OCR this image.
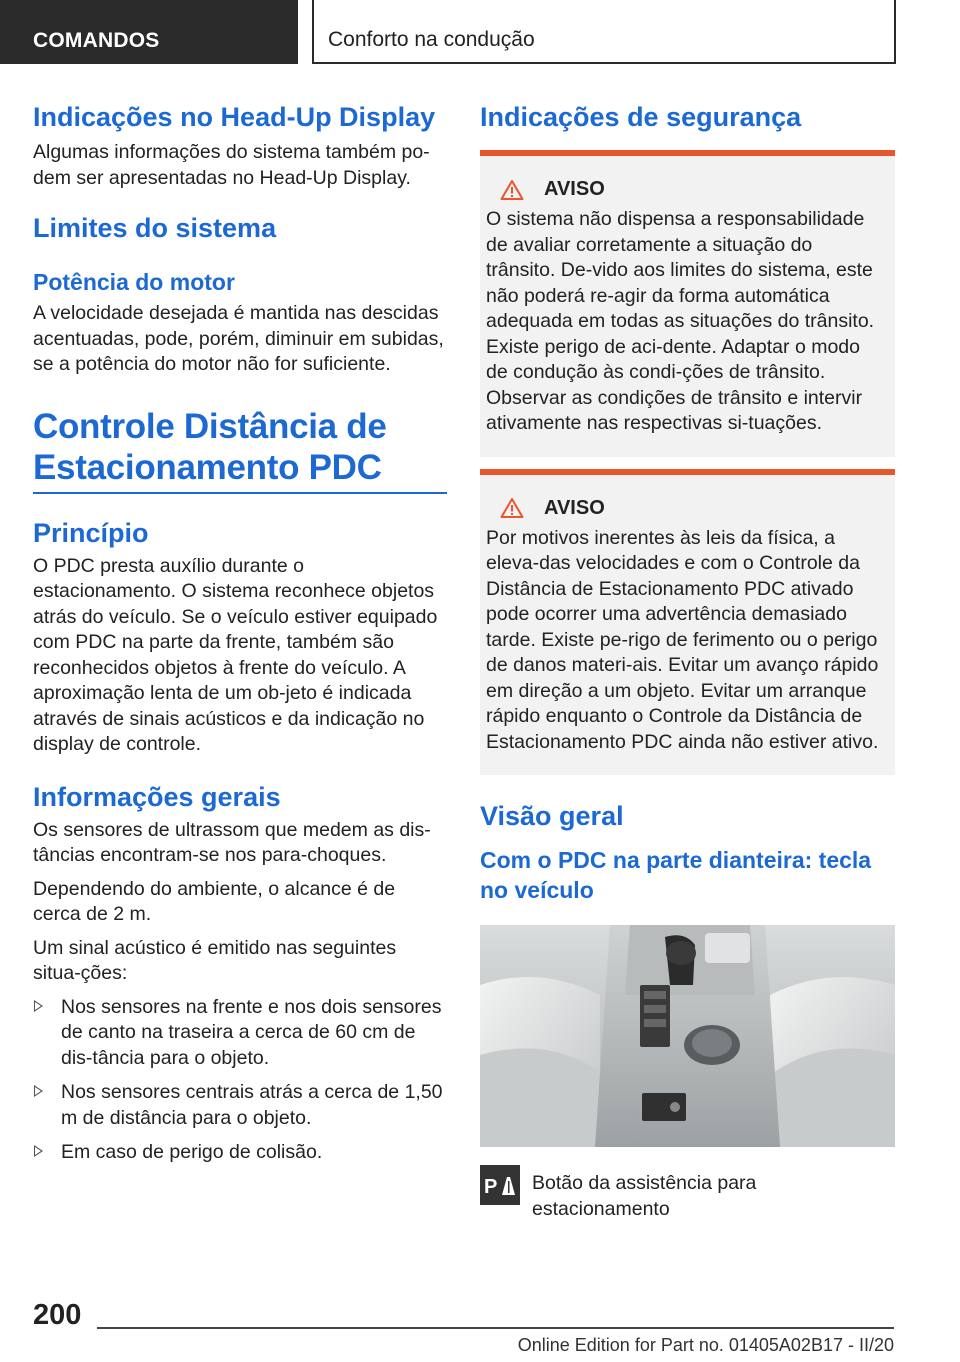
COMANDOS	Conforto na condução
Indicações no Head-Up Display

Algumas informações do sistema também po-dem ser apresentadas no Head-Up Display.

Limites do sistema
Potência do motor

A velocidade desejada é mantida nas descidas acentuadas, pode, porém, diminuir em subidas, se a potência do motor não for suficiente.

Controle Distância de Estacionamento PDC
Princípio

O PDC presta auxílio durante o estacionamento. O sistema reconhece objetos atrás do veículo. Se o veículo estiver equipado com PDC na parte da frente, também são reconhecidos objetos à frente do veículo. A aproximação lenta de um ob-jeto é indicada através de sinais acústicos e da indicação no display de controle.

Informações gerais

Os sensores de ultrassom que medem as dis-tâncias encontram-se nos para-choques.

Dependendo do ambiente, o alcance é de cerca de 2 m.

Um sinal acústico é emitido nas seguintes situa-ções:

Nos sensores na frente e nos dois sensores de canto na traseira a cerca de 60 cm de dis-tância para o objeto.
Nos sensores centrais atrás a cerca de 1,50 m de distância para o objeto.
Em caso de perigo de colisão.
Indicações de segurança
AVISO

O sistema não dispensa a responsabilidade de avaliar corretamente a situação do trânsito. De-vido aos limites do sistema, este não poderá re-agir da forma automática adequada em todas as situações do trânsito. Existe perigo de aci-dente. Adaptar o modo de condução às condi-ções de trânsito. Observar as condições de trânsito e intervir ativamente nas respectivas si-tuações.

AVISO

Por motivos inerentes às leis da física, a eleva-das velocidades e com o Controle da Distância de Estacionamento PDC ativado pode ocorrer uma advertência demasiado tarde. Existe pe-rigo de ferimento ou o perigo de danos materi-ais. Evitar um avanço rápido em direção a um objeto. Evitar um arranque rápido enquanto o Controle da Distância de Estacionamento PDC ainda não estiver ativo.

Visão geral
Com o PDC na parte dianteira: tecla no veículo
P Botão da assistência para estacionamento

200
Online Edition for Part no. 01405A02B17 - II/20
